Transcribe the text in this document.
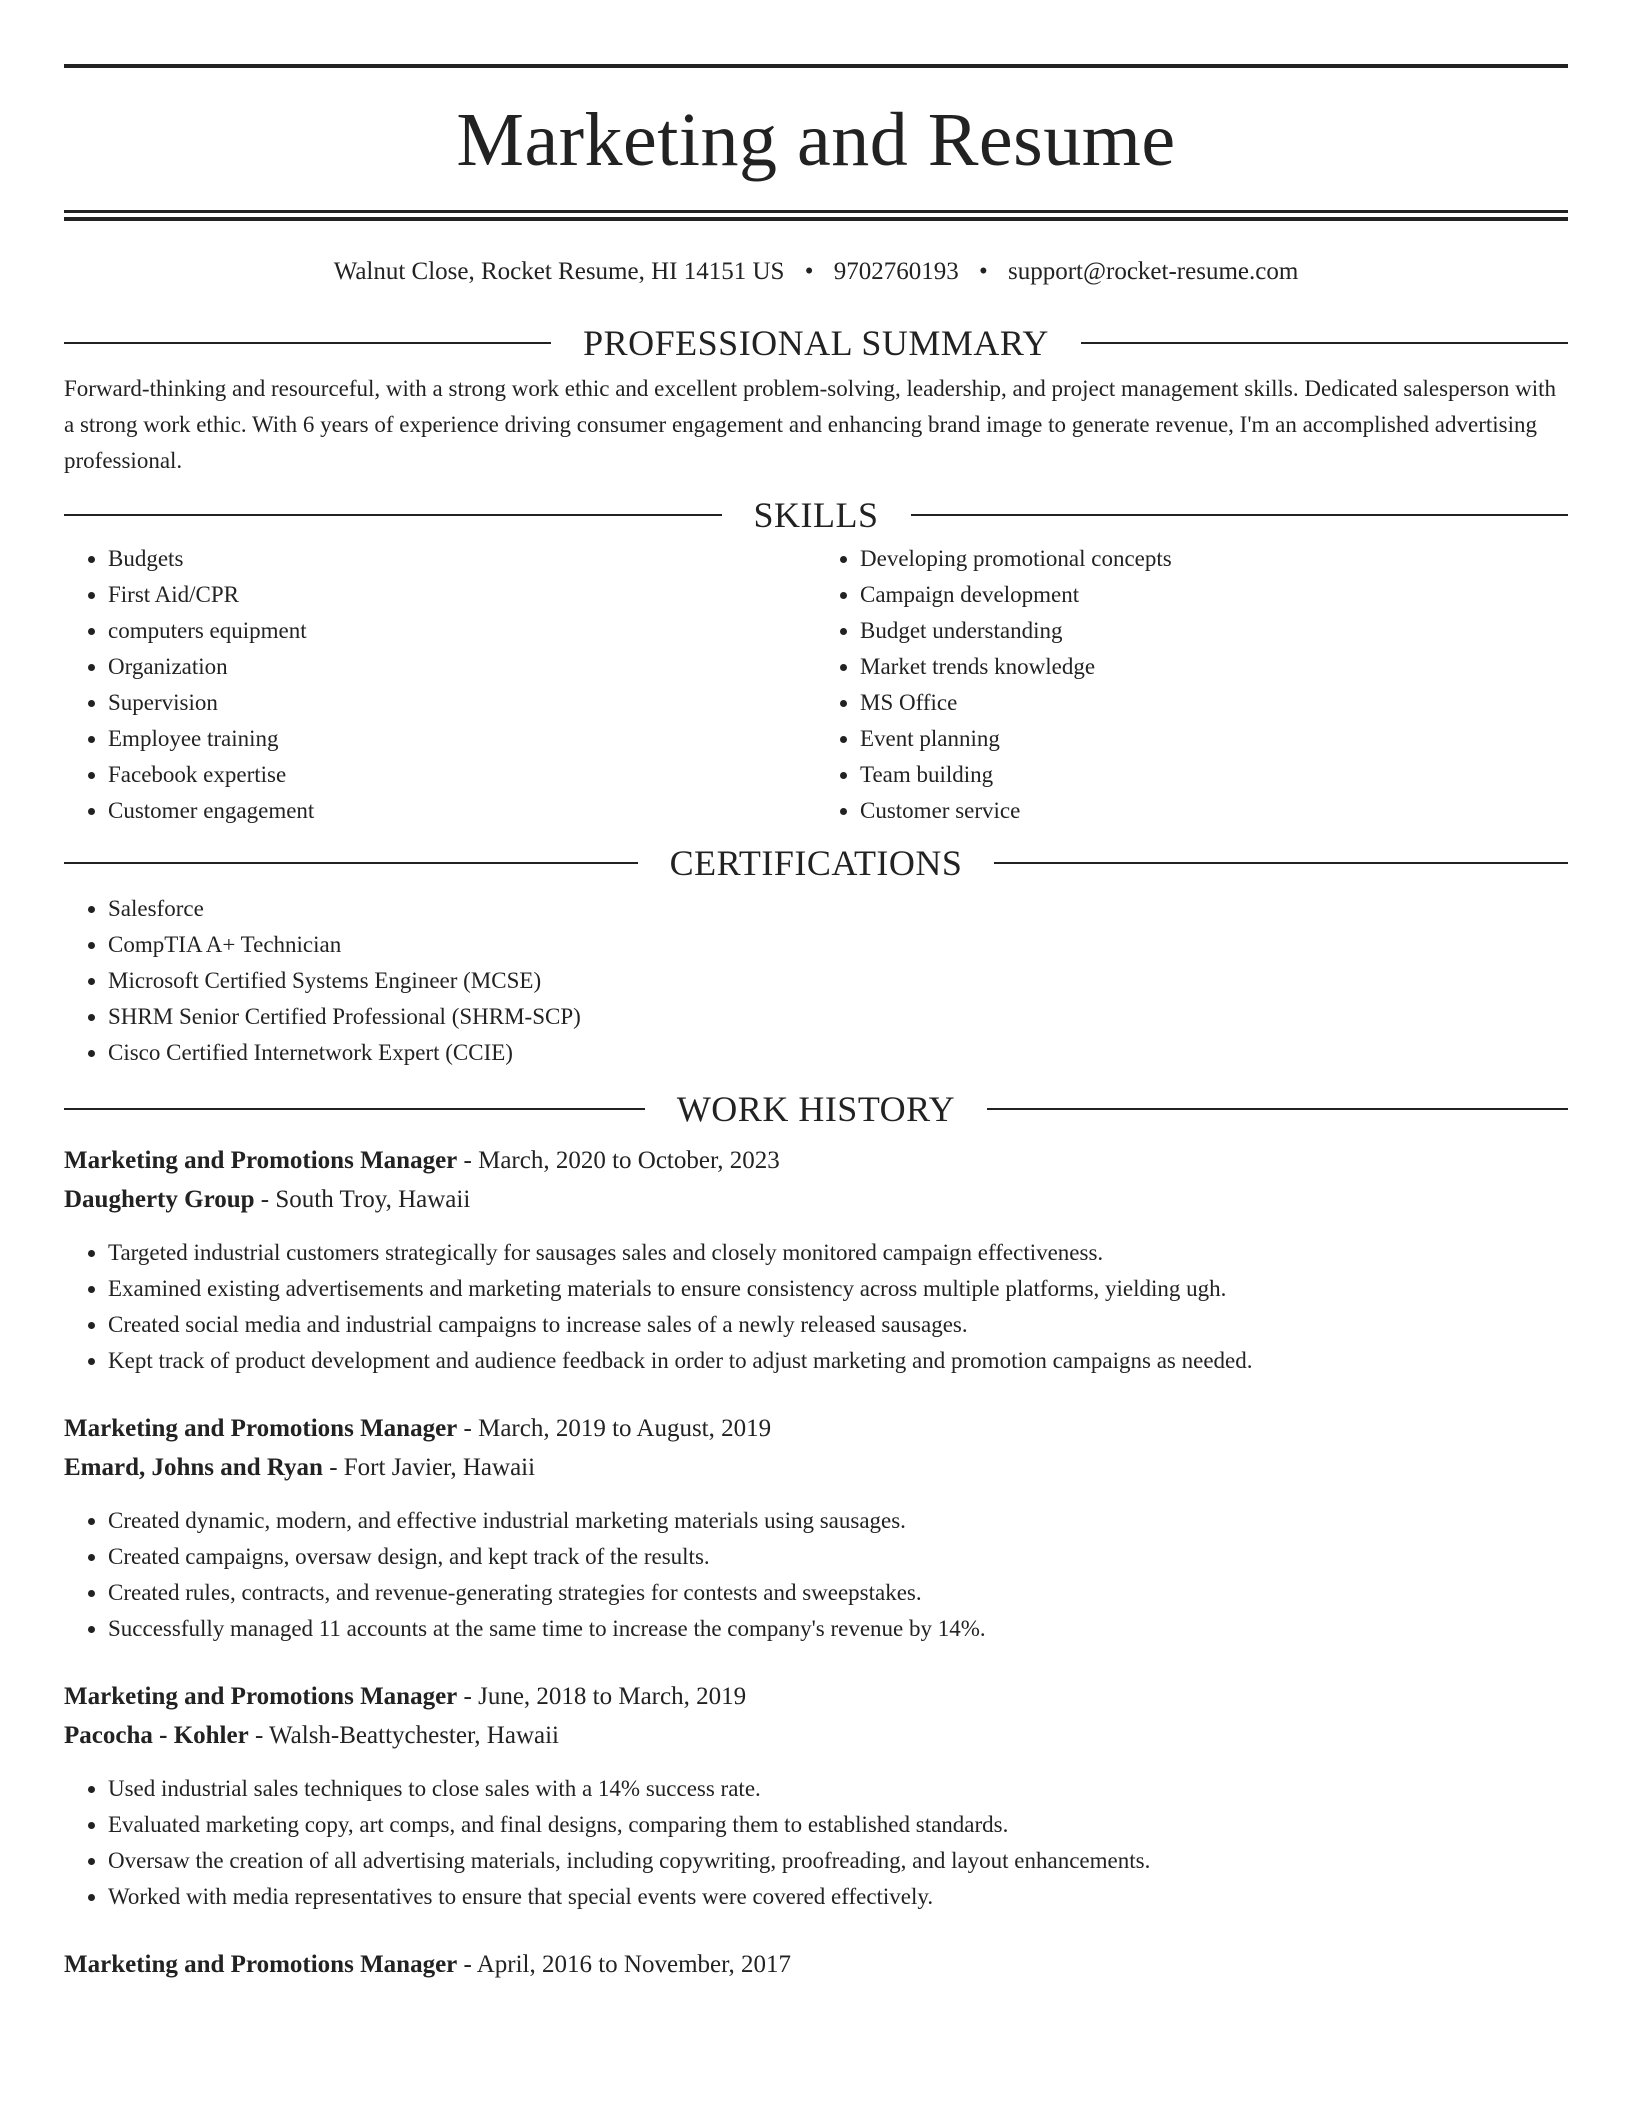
Marketing and Resume
Walnut Close, Rocket Resume, HI 14151 US • 9702760193 • support@rocket-resume.com
PROFESSIONAL SUMMARY
Forward-thinking and resourceful, with a strong work ethic and excellent problem-solving, leadership, and project management skills. Dedicated salesperson with a strong work ethic. With 6 years of experience driving consumer engagement and enhancing brand image to generate revenue, I'm an accomplished advertising professional.
SKILLS
• Budgets
• First Aid/CPR
• computers equipment
• Organization
• Supervision
• Employee training
• Facebook expertise
• Customer engagement
• Developing promotional concepts
• Campaign development
• Budget understanding
• Market trends knowledge
• MS Office
• Event planning
• Team building
• Customer service
CERTIFICATIONS
• Salesforce
• CompTIA A+ Technician
• Microsoft Certified Systems Engineer (MCSE)
• SHRM Senior Certified Professional (SHRM-SCP)
• Cisco Certified Internetwork Expert (CCIE)
WORK HISTORY
Marketing and Promotions Manager - March, 2020 to October, 2023
Daugherty Group - South Troy, Hawaii
• Targeted industrial customers strategically for sausages sales and closely monitored campaign effectiveness.
• Examined existing advertisements and marketing materials to ensure consistency across multiple platforms, yielding ugh.
• Created social media and industrial campaigns to increase sales of a newly released sausages.
• Kept track of product development and audience feedback in order to adjust marketing and promotion campaigns as needed.
Marketing and Promotions Manager - March, 2019 to August, 2019
Emard, Johns and Ryan - Fort Javier, Hawaii
• Created dynamic, modern, and effective industrial marketing materials using sausages.
• Created campaigns, oversaw design, and kept track of the results.
• Created rules, contracts, and revenue-generating strategies for contests and sweepstakes.
• Successfully managed 11 accounts at the same time to increase the company's revenue by 14%.
Marketing and Promotions Manager - June, 2018 to March, 2019
Pacocha - Kohler - Walsh-Beattychester, Hawaii
• Used industrial sales techniques to close sales with a 14% success rate.
• Evaluated marketing copy, art comps, and final designs, comparing them to established standards.
• Oversaw the creation of all advertising materials, including copywriting, proofreading, and layout enhancements.
• Worked with media representatives to ensure that special events were covered effectively.
Marketing and Promotions Manager - April, 2016 to November, 2017
